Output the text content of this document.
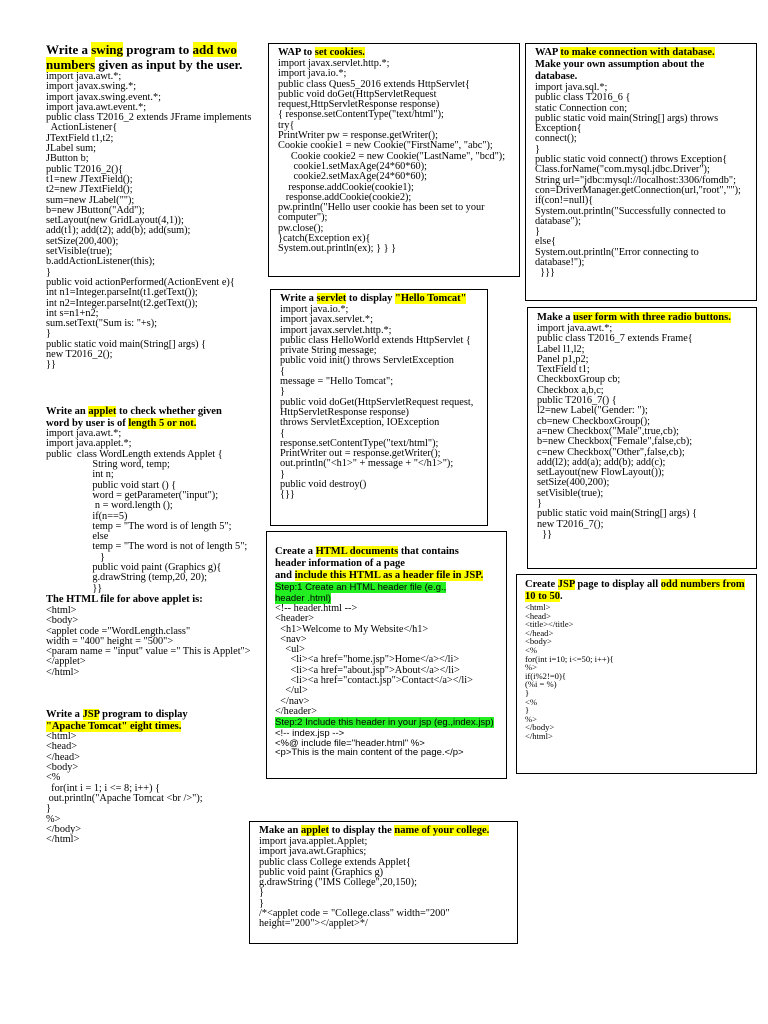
Write a swing program to add two
numbers given as input by the user.
import java.awt.*;
import javax.swing.*;
import javax.swing.event.*;
import java.awt.event.*;
public class T2016_2 extends JFrame implements
ActionListener{
JTextField t1,t2;
JLabel sum;
JButton b;
public T2016_2(){
t1=new JTextField();
t2=new JTextField();
sum=new JLabel("");
b=new JButton("Add");
setLayout(new GridLayout(4,1));
add(t1); add(t2); add(b); add(sum);
setSize(200,400);
setVisible(true);
b.addActionListener(this);
}
public void actionPerformed(ActionEvent e){
int n1=Integer.parseInt(t1.getText());
int n2=Integer.parseInt(t2.getText());
int s=n1+n2;
sum.setText("Sum is: "+s);
}
public static void main(String[] args) {
new T2016_2();
}}
Write an applet to check whether given
word by user is of length 5 or not.
import java.awt.*;
import java.applet.*;
public  class WordLength extends Applet {
String word, temp;
int n;
public void start () {
word = getParameter("input");
n = word.length ();
if(n==5)
temp = "The word is of length 5";
else
temp = "The word is not of length 5";
}
public void paint (Graphics g){
g.drawString (temp,20, 20);
}}
The HTML file for above applet is:
<html>
<body>
<applet code ="WordLength.class"
width = "400" height = "500">
<param name = "input" value =" This is Applet">
</applet>
</html>
Write a JSP program to display
"Apache Tomcat" eight times.
<html>
<head>
</head>
<body>
<%
for(int i = 1; i <= 8; i++) {
out.println("Apache Tomcat <br />");
}
%>
</body>
</html>
WAP to set cookies.
import javax.servlet.http.*;
import java.io.*;
public class Ques5_2016 extends HttpServlet{
public void doGet(HttpServletRequest
request,HttpServletResponse response)
{ response.setContentType("text/html");
try{
PrintWriter pw = response.getWriter();
Cookie cookie1 = new Cookie("FirstName", "abc");
Cookie cookie2 = new Cookie("LastName", "bcd");
cookie1.setMaxAge(24*60*60);
cookie2.setMaxAge(24*60*60);
response.addCookie(cookie1);
response.addCookie(cookie2);
pw.println("Hello user cookie has been set to your
computer");
pw.close();
}catch(Exception ex){
System.out.println(ex); } } }
Write a servlet to display "Hello Tomcat"
import java.io.*;
import javax.servlet.*;
import javax.servlet.http.*;
public class HelloWorld extends HttpServlet {
private String message;
public void init() throws ServletException
{
message = "Hello Tomcat";
}
public void doGet(HttpServletRequest request,
HttpServletResponse response)
throws ServletException, IOException
{
response.setContentType("text/html");
PrintWriter out = response.getWriter();
out.println("<h1>" + message + "</h1>");
}
public void destroy()
{}}
WAP to make connection with database.
Make your own assumption about the database.
import java.sql.*;
public class T2016_6 {
static Connection con;
public static void main(String[] args) throws
Exception{
connect();
}
public static void connect() throws Exception{
Class.forName("com.mysql.jdbc.Driver");
String url="jdbc:mysql://localhost:3306/fomdb";
con=DriverManager.getConnection(url,"root","");
if(con!=null){
System.out.println("Successfully connected to
database");
}
else{
System.out.println("Error connecting to
database!");
}}}
Make a user form with three radio buttons.
import java.awt.*;
public class T2016_7 extends Frame{
Label l1,l2;
Panel p1,p2;
TextField t1;
CheckboxGroup cb;
Checkbox a,b,c;
public T2016_7() {
l2=new Label("Gender: ");
cb=new CheckboxGroup();
a=new Checkbox("Male",true,cb);
b=new Checkbox("Female",false,cb);
c=new Checkbox("Other",false,cb);
add(l2); add(a); add(b); add(c);
setLayout(new FlowLayout());
setSize(400,200);
setVisible(true);
}
public static void main(String[] args) {
new T2016_7();
}}
Create a HTML documents that contains
header information of a page
and include this HTML as a header file in JSP.
Step:1 Create an HTML header file (e.g.,
header .html)
<!-- header.html -->
<header>
<h1>Welcome to My Website</h1>
<nav>
<ul>
<li><a href="home.jsp">Home</a></li>
<li><a href="about.jsp">About</a></li>
<li><a href="contact.jsp">Contact</a></li>
</ul>
</nav>
</header>
Step:2 Include this header in your jsp (eg.,index.jsp)
<!-- index.jsp -->
<%@ include file="header.html" %>
<p>This is the main content of the page.</p>
Create JSP page to display all odd numbers from
10 to 50.
<html>
<head>
<title></title>
</head>
<body>
<%
for(int i=10; i<=50; i++){
%>
if(i%2!=0){
(%i = %)
}
<%
}
%>
</body>
</html>
Make an applet to display the name of your college.
import java.applet.Applet;
import java.awt.Graphics;
public class College extends Applet{
public void paint (Graphics g)
g.drawString ("IMS College",20,150);
}
}
/*<applet code = "College.class" width="200"
height="200"></applet>*/
